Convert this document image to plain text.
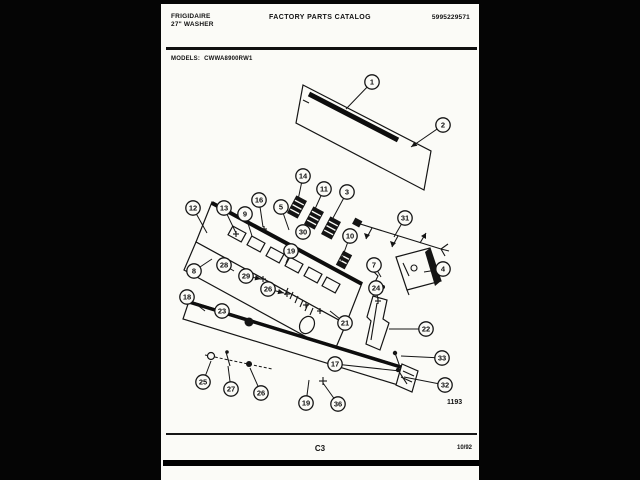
FRIGIDAIRE
27" WASHER
FACTORY PARTS CATALOG	5995229571
MODELS: CWWA8900RW1
1
2
14
11 3
16
5
9
13
12
30	10
19
31
7	4
24
8
28
29
26
21
22
33
32
17
18
23
25
27	26
19	36	1193
C3	10/92
